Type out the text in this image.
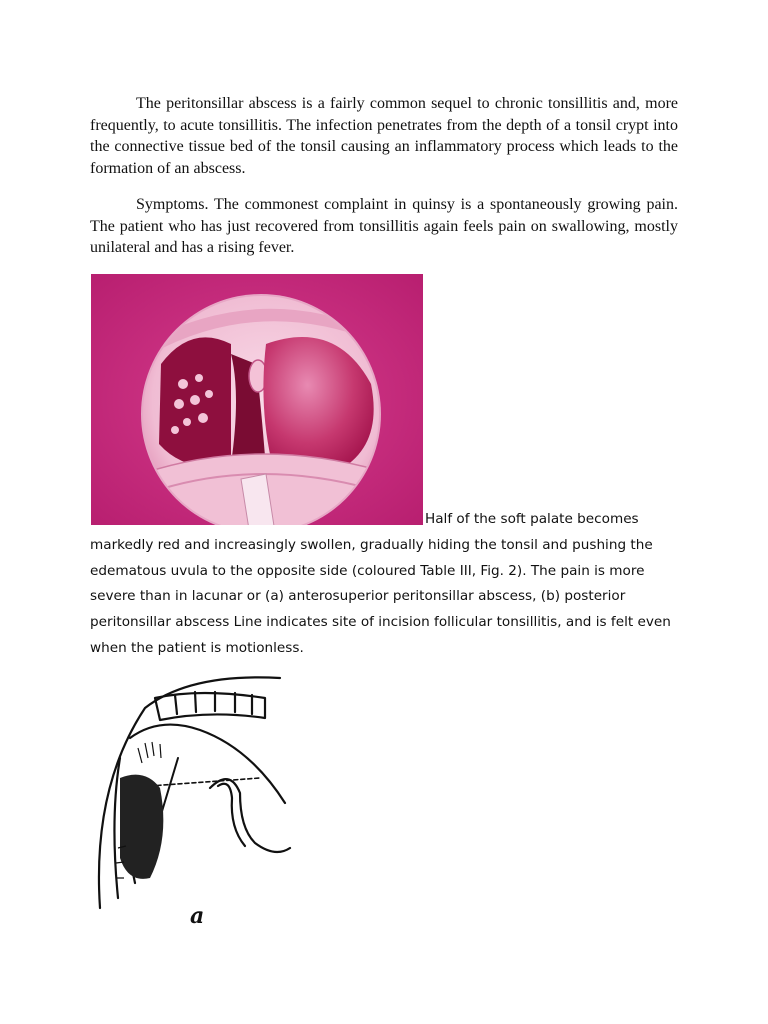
The peritonsillar abscess is a fairly common sequel to chronic tonsillitis and, more frequently, to acute tonsillitis. The infection penetrates from the depth of a tonsil crypt into the connective tissue bed of the tonsil causing an inflammatory process which leads to the formation of an abscess.

Symptoms. The commonest complaint in quinsy is a spontaneously growing pain. The patient who has just recovered from tonsillitis again feels pain on swallowing, mostly unilateral and has a rising fever.

Half of the soft palate becomes markedly red and increasingly swollen, gradually hiding the tonsil and pushing the edematous uvula to the opposite side (coloured Table III, Fig. 2). The pain is more severe than in lacunar or (a) anterosuperior peritonsillar abscess, (b) posterior peritonsillar abscess Line indicates site of incision follicular tonsillitis, and is felt even when the patient is motionless.

a
